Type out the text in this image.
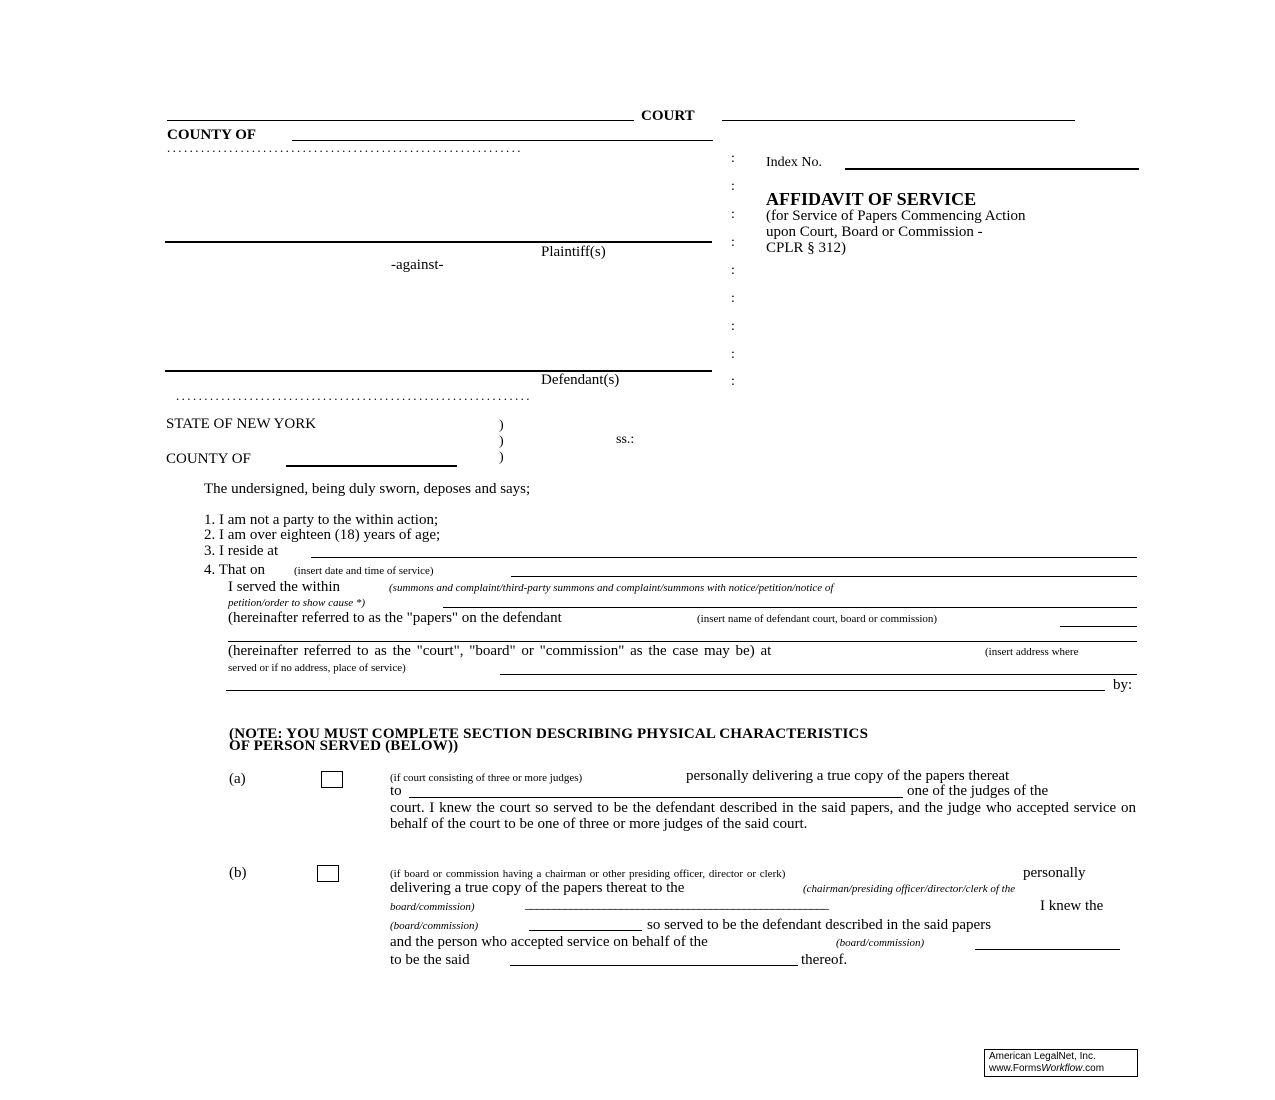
COURT
COUNTY OF
...............................................................
:
:
:
:
:
:
:
:
:
Plaintiff(s)
-against-
Defendant(s)
...............................................................
Index No.
AFFIDAVIT OF SERVICE
(for Service of Papers Commencing Action
upon Court, Board or Commission -
CPLR § 312)
STATE OF NEW YORK	)
)
)
ss.:
COUNTY OF
The undersigned, being duly sworn, deposes and says;
1. I am not a party to the within action;
2. I am over eighteen (18) years of age;
3. I reside at
4. That on	(insert date and time of service)
I served the within	(summons and complaint/third-party summons and complaint/summons with notice/petition/notice of
petition/order to show cause *)
(hereinafter referred to as the "papers" on the defendant	(insert name of defendant court, board or commission)
(hereinafter referred to as the "court", "board" or "commission" as the case may be) at	(insert address where
served or if no address, place of service)
by:
(NOTE: YOU MUST COMPLETE SECTION DESCRIBING PHYSICAL CHARACTERISTICS
OF PERSON SERVED (BELOW))
(a)	(if court consisting of three or more judges)	personally delivering a true copy of the papers thereat
to	one of the judges of the
court. I knew the court so served to be the defendant described in the said papers, and the judge who accepted service on behalf of the court to be one of three or more judges of the said court.
(b)	(if board or commission having a chairman or other presiding officer, director or clerk)	personally
delivering a true copy of the papers thereat to the	(chairman/presiding officer/director/clerk of the
board/commission)	______________________________________________________	I knew the
(board/commission)	so served to be the defendant described in the said papers
and the person who accepted service on behalf of the	(board/commission)
to be the said	thereof.
American LegalNet, Inc.
www.FormsWorkflow.com
